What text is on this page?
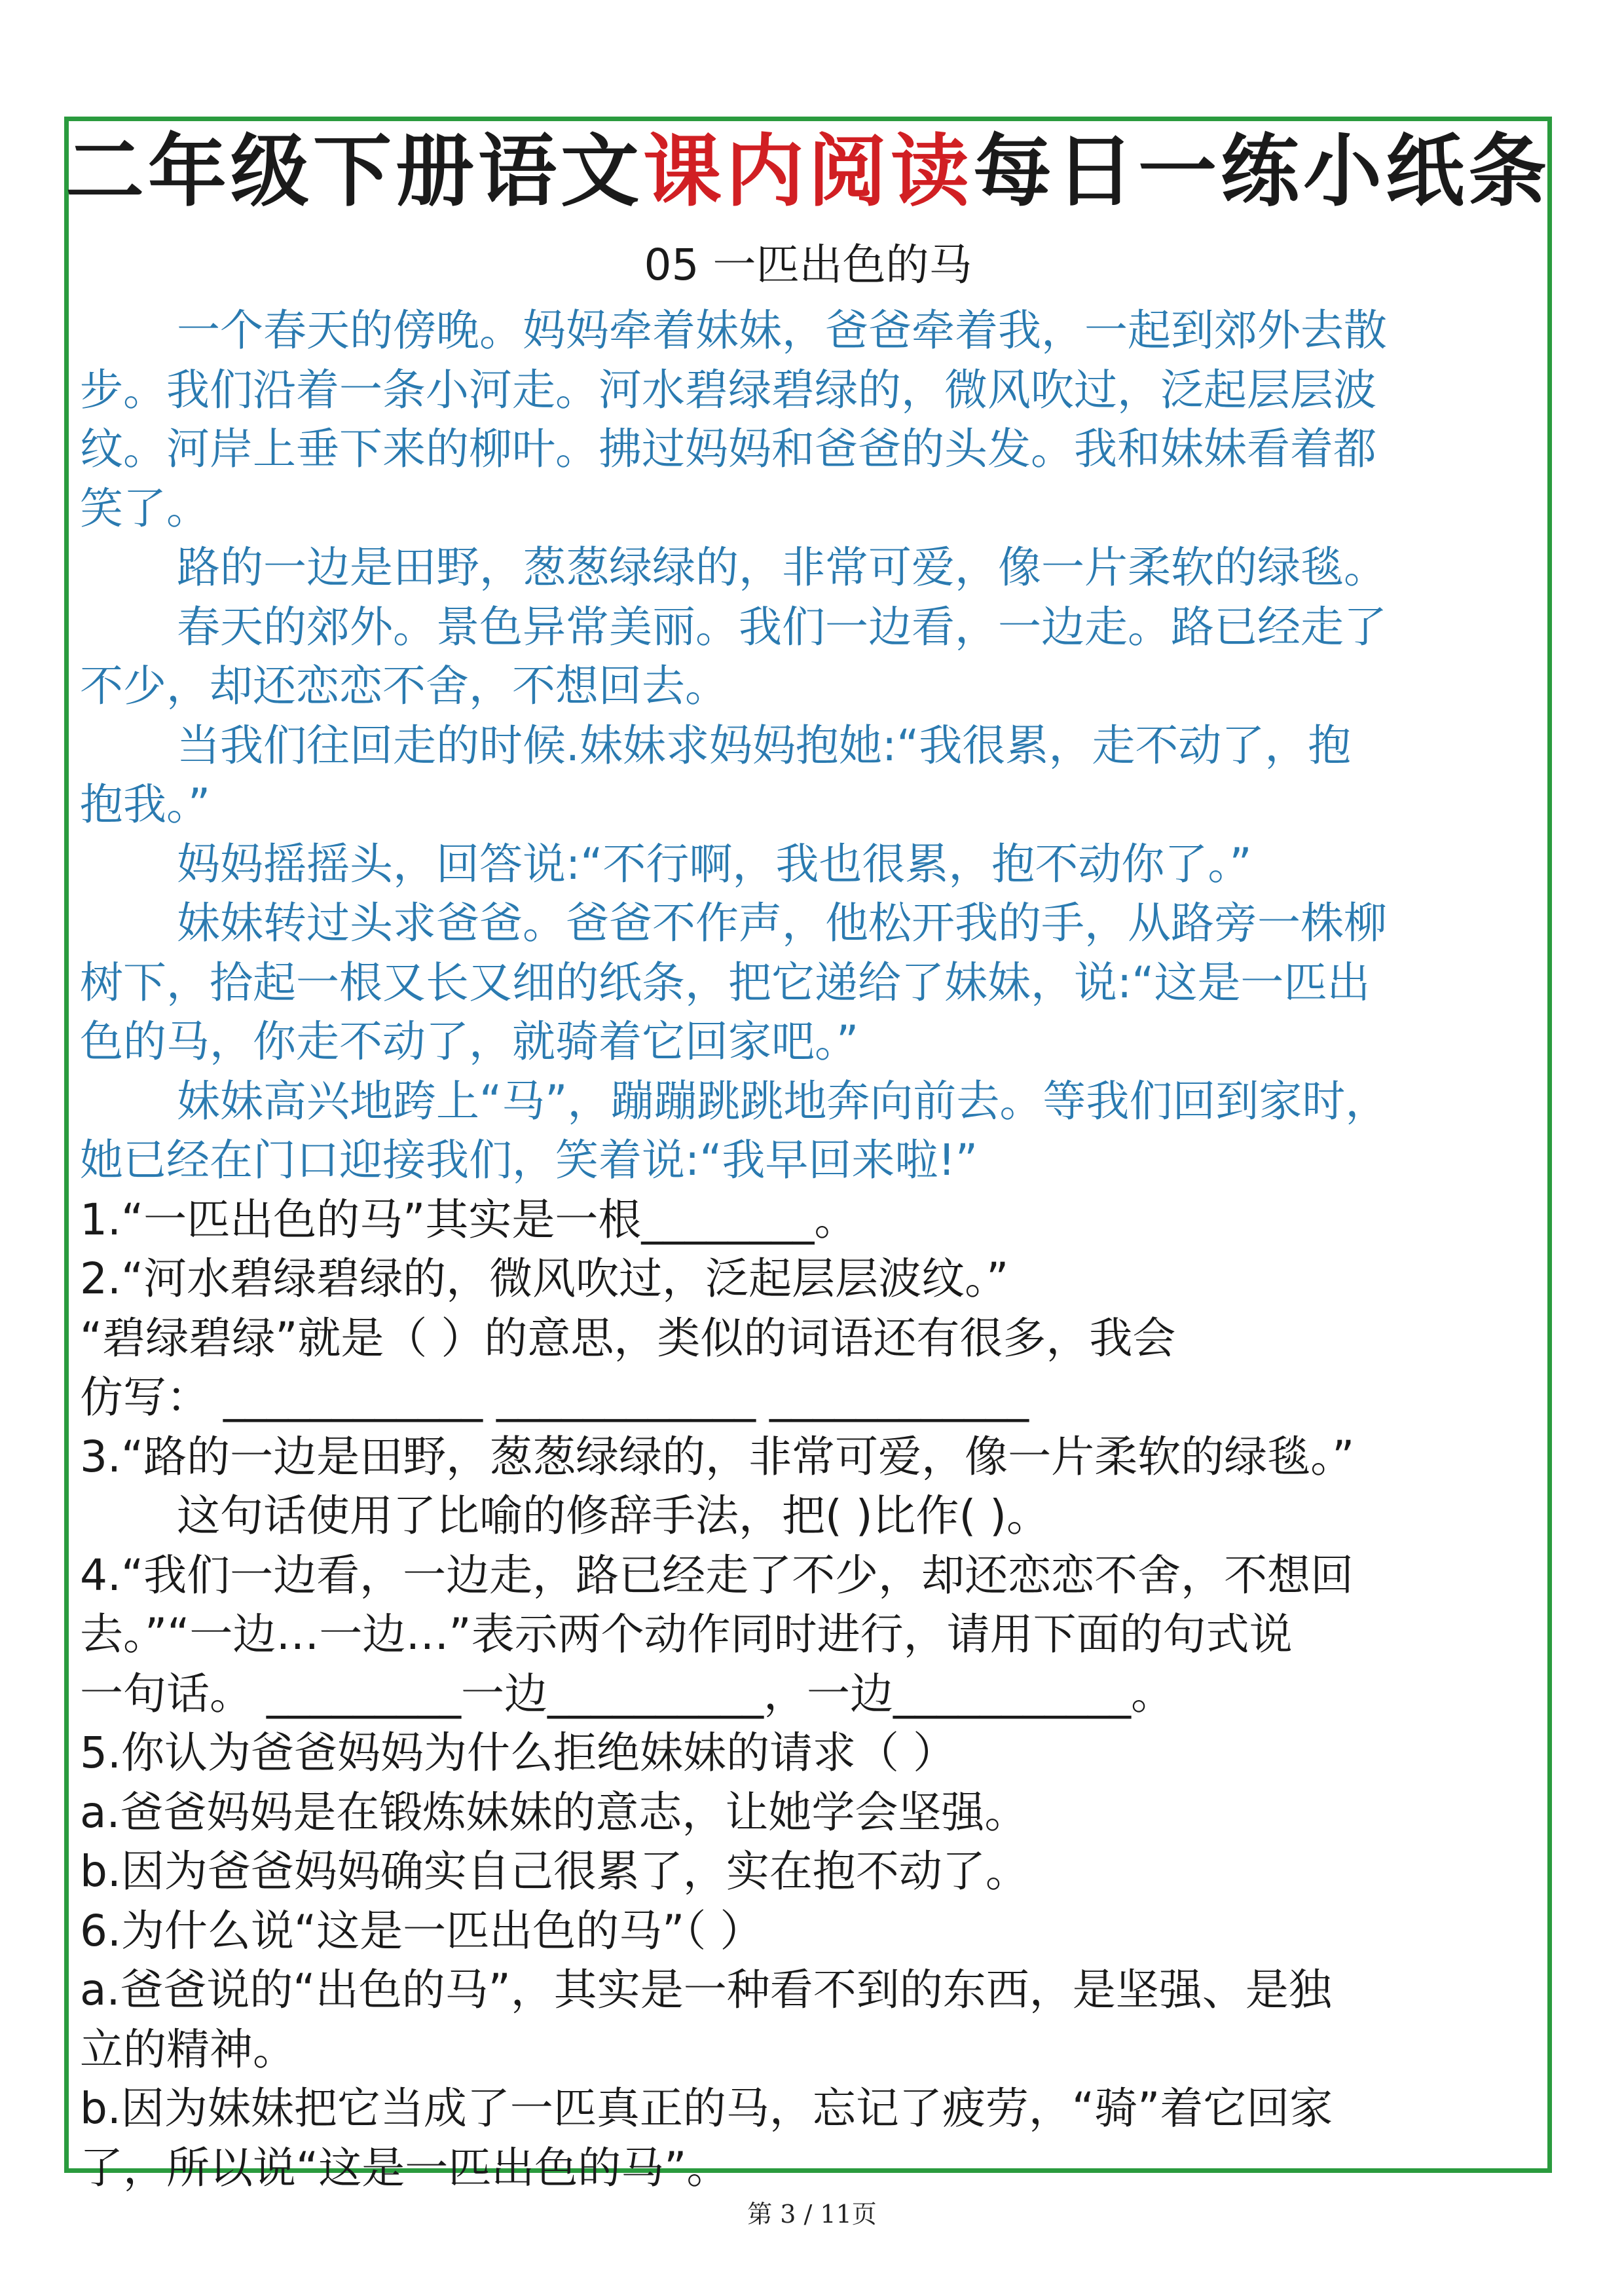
二年级下册语文课内阅读每日一练小纸条
05 一匹出色的马
一个春天的傍晚。妈妈牵着妹妹，爸爸牵着我，一起到郊外去散
步。我们沿着一条小河走。河水碧绿碧绿的，微风吹过，泛起层层波
纹。河岸上垂下来的柳叶。拂过妈妈和爸爸的头发。我和妹妹看着都
笑了。
路的一边是田野，葱葱绿绿的，非常可爱，像一片柔软的绿毯。
春天的郊外。景色异常美丽。我们一边看，一边走。路已经走了
不少，却还恋恋不舍，不想回去。
当我们往回走的时候.妹妹求妈妈抱她:“我很累，走不动了，抱
抱我。”
妈妈摇摇头，回答说:“不行啊，我也很累，抱不动你了。”
妹妹转过头求爸爸。爸爸不作声，他松开我的手，从路旁一株柳
树下，拾起一根又长又细的纸条，把它递给了妹妹，说:“这是一匹出
色的马，你走不动了，就骑着它回家吧。”
妹妹高兴地跨上“马”，蹦蹦跳跳地奔向前去。等我们回到家时，
她已经在门口迎接我们，笑着说:“我早回来啦!”
1.“一匹出色的马”其实是一根________。
2.“河水碧绿碧绿的，微风吹过，泛起层层波纹。”
“碧绿碧绿”就是（ ）的意思，类似的词语还有很多，我会
仿写： ____________ ____________ ____________
3.“路的一边是田野，葱葱绿绿的，非常可爱，像一片柔软的绿毯。”
这句话使用了比喻的修辞手法，把( )比作( )。
4.“我们一边看，一边走，路已经走了不少，却还恋恋不舍，不想回
去。”“一边…一边…”表示两个动作同时进行，请用下面的句式说
一句话。 _________一边__________，一边___________。
5.你认为爸爸妈妈为什么拒绝妹妹的请求（ ）
a.爸爸妈妈是在锻炼妹妹的意志，让她学会坚强。
b.因为爸爸妈妈确实自己很累了，实在抱不动了。
6.为什么说“这是一匹出色的马”（ ）
a.爸爸说的“出色的马”，其实是一种看不到的东西，是坚强、是独
立的精神。
b.因为妹妹把它当成了一匹真正的马，忘记了疲劳，“骑”着它回家
了，所以说“这是一匹出色的马”。
第 3 / 11页
